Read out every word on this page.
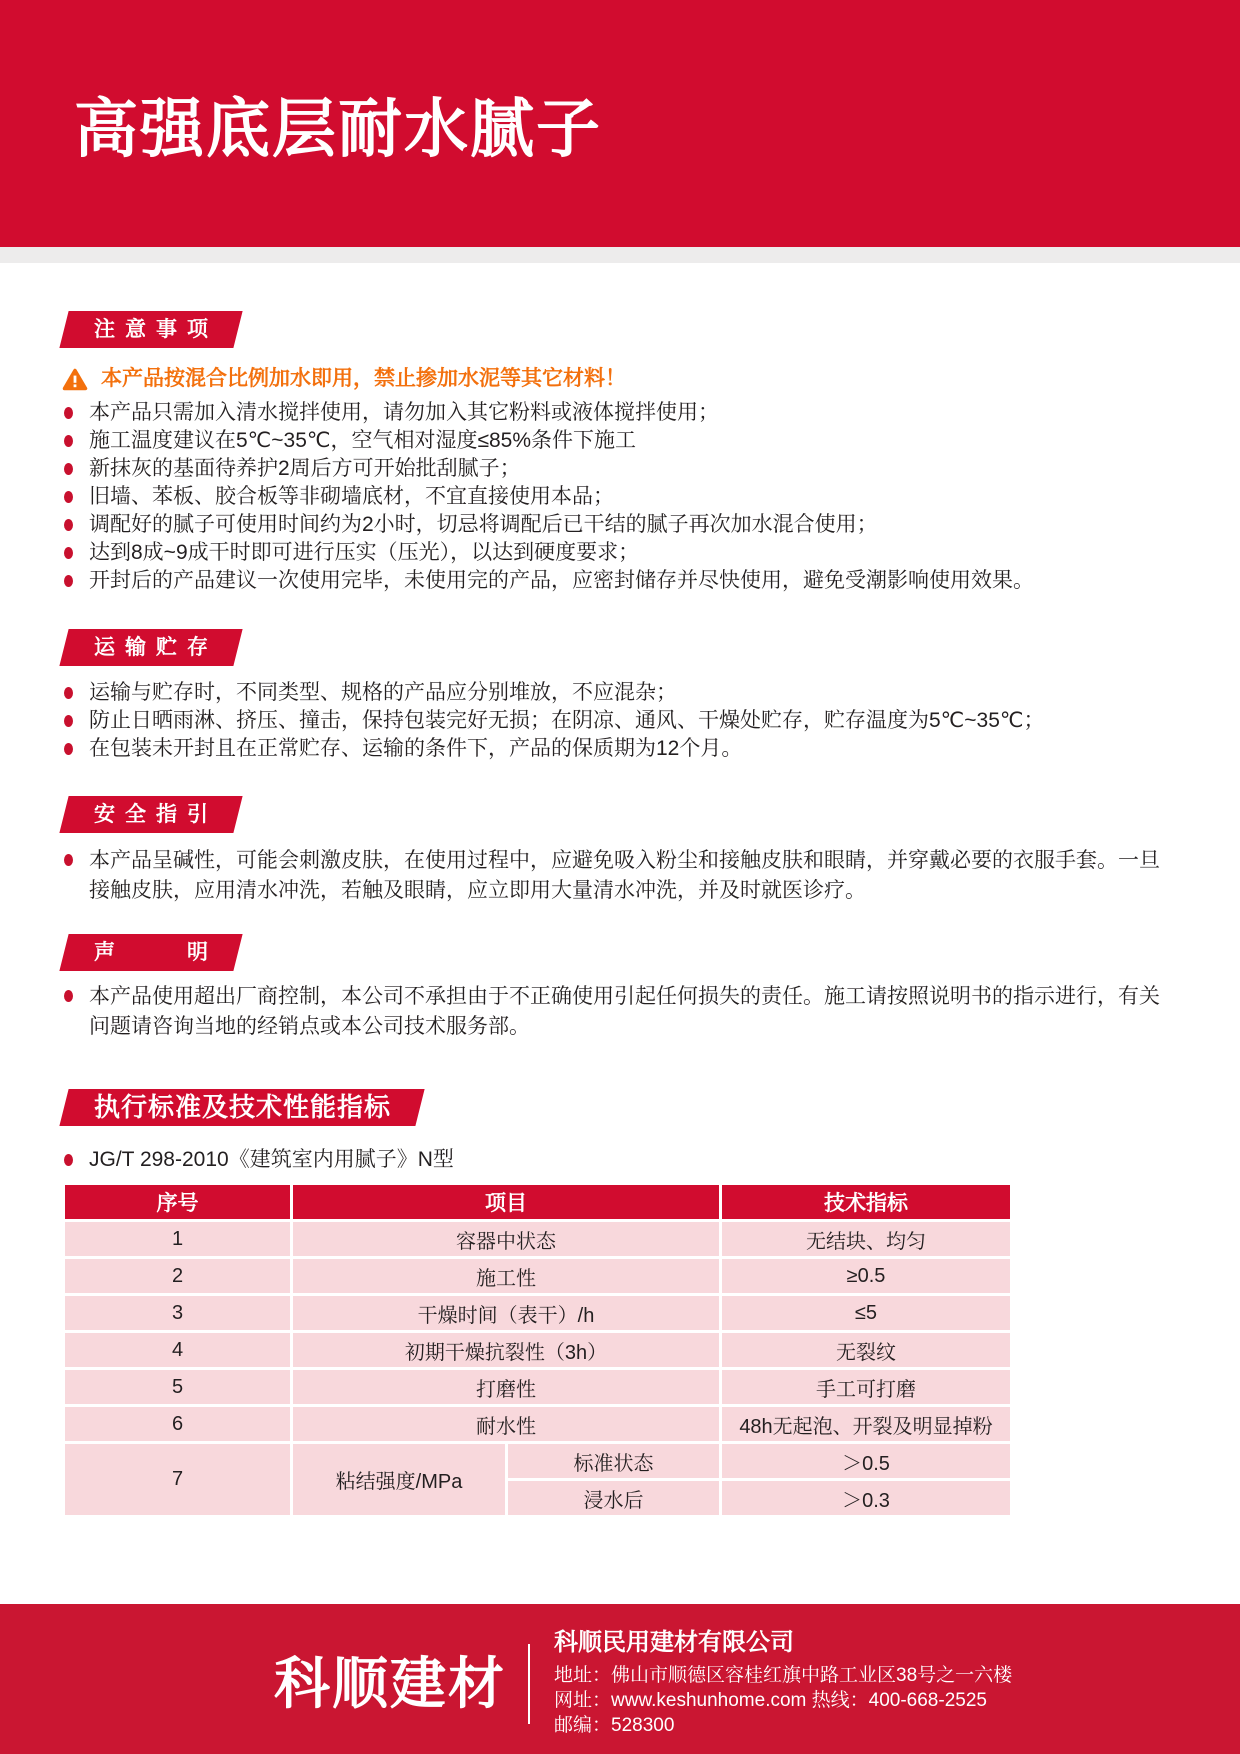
高强底层耐水腻子
注意事项
本产品按混合比例加水即用，禁止掺加水泥等其它材料！
本产品只需加入清水搅拌使用，请勿加入其它粉料或液体搅拌使用；
施工温度建议在5℃~35℃，空气相对湿度≤85%条件下施工
新抹灰的基面待养护2周后方可开始批刮腻子；
旧墙、苯板、胶合板等非砌墙底材，不宜直接使用本品；
调配好的腻子可使用时间约为2小时，切忌将调配后已干结的腻子再次加水混合使用；
达到8成~9成干时即可进行压实（压光），以达到硬度要求；
开封后的产品建议一次使用完毕，未使用完的产品，应密封储存并尽快使用，避免受潮影响使用效果。
运输贮存
运输与贮存时，不同类型、规格的产品应分别堆放，不应混杂；
防止日晒雨淋、挤压、撞击，保持包装完好无损；在阴凉、通风、干燥处贮存，贮存温度为5℃~35℃；
在包装未开封且在正常贮存、运输的条件下，产品的保质期为12个月。
安全指引
本产品呈碱性，可能会刺激皮肤，在使用过程中，应避免吸入粉尘和接触皮肤和眼睛，并穿戴必要的衣服手套。一旦接触皮肤，应用清水冲洗，若触及眼睛，应立即用大量清水冲洗，并及时就医诊疗。
声明
本产品使用超出厂商控制，本公司不承担由于不正确使用引起任何损失的责任。施工请按照说明书的指示进行，有关问题请咨询当地的经销点或本公司技术服务部。
执行标准及技术性能指标
JG/T 298-2010《建筑室内用腻子》N型
序号	项目		技术指标
1	容器中状态		无结块、均匀
2	施工性		≥0.5
3	干燥时间（表干）/h		≤5
4	初期干燥抗裂性（3h）		无裂纹
5	打磨性		手工可打磨
6	耐水性		48h无起泡、开裂及明显掉粉
7	粘结强度/MPa	标准状态	＞0.5
		浸水后	＞0.3
科顺建材
科顺民用建材有限公司
地址：佛山市顺德区容桂红旗中路工业区38号之一六楼
网址：www.keshunhome.com 热线：400-668-2525
邮编：528300
